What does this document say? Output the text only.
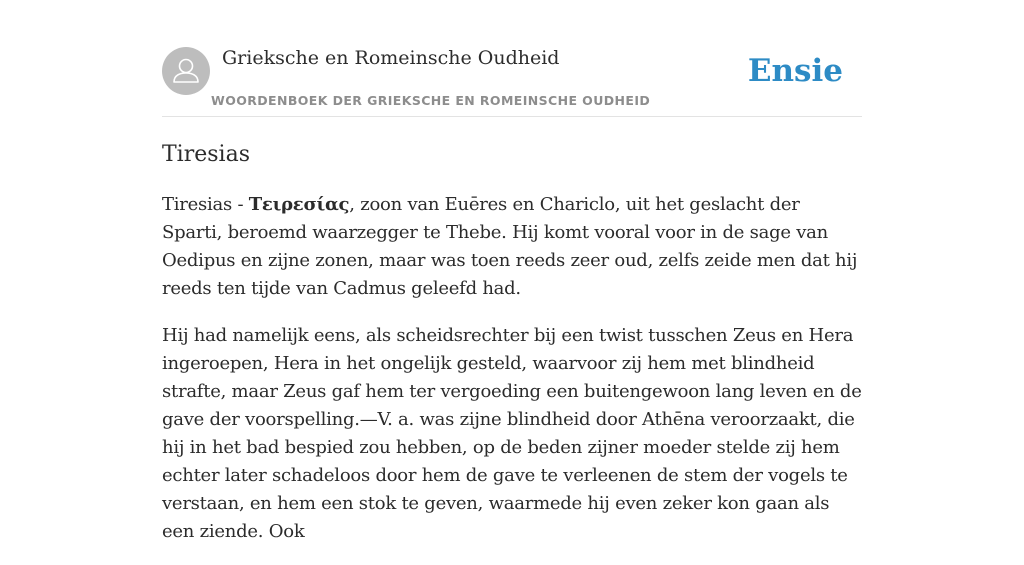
Grieksche en Romeinsche Oudheid
WOORDENBOEK DER GRIEKSCHE EN ROMEINSCHE OUDHEID
Ensie
Tiresias

Tiresias - Τειρεσίας, zoon van Euēres en Chariclo, uit het geslacht der Sparti, beroemd waarzegger te Thebe. Hij komt vooral voor in de sage van Oedipus en zijne zonen, maar was toen reeds zeer oud, zelfs zeide men dat hij reeds ten tijde van Cadmus geleefd had.

Hij had namelijk eens, als scheidsrechter bij een twist tusschen Zeus en Hera ingeroepen, Hera in het ongelijk gesteld, waarvoor zij hem met blindheid strafte, maar Zeus gaf hem ter vergoeding een buitengewoon lang leven en de gave der voorspelling.—V. a. was zijne blindheid door Athēna veroorzaakt, die hij in het bad bespied zou hebben, op de beden zijner moeder stelde zij hem echter later schadeloos door hem de gave te verleenen de stem der vogels te verstaan, en hem een stok te geven, waarmede hij even zeker kon gaan als een ziende. Ook
